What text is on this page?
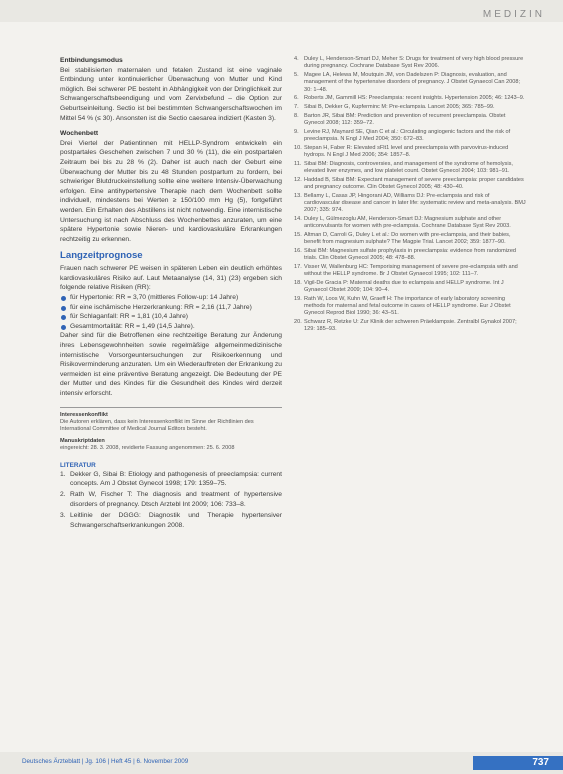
MEDIZIN

Entbindungsmodus

Bei stabilisierten maternalen und fetalen Zustand ist eine vaginale Entbindung unter kontinuierlicher Überwachung von Mutter und Kind möglich. Bei schwerer PE besteht in Abhängigkeit von der Dringlichkeit zur Schwangerschaftsbeendigung und vom Zervixbefund – die Option zur Geburtseinleitung. Sectio ist bei bestimmten Schwangerschaftswochen im Mittel 54 % (≤ 30). Ansonsten ist die Sectio caesarea indiziert (Kasten 3).

Wochenbett

Drei Viertel der Patientinnen mit HELLP-Syndrom entwickeln ein postpartales Geschehen zwischen 7 und 30 % (11), die ein postpartalen Zeitraum bei bis zu 28 % (2). Daher ist auch nach der Geburt eine Überwachung der Mutter bis zu 48 Stunden postpartum zu fordern, bei schwieriger Blutdruckeinstellung sollte eine weitere Intensiv-Überwachung erfolgen. Eine antihypertensive Therapie nach dem Wochenbett sollte individuell, mindestens bei Werten ≥ 150/100 mm Hg (5), fortgeführt werden. Ein Erhalten des Abstillens ist nicht notwendig. Eine internistische Untersuchung ist nach Abschluss des Wochenbettes anzuraten, um eine spätere Hypertonie sowie Nieren- und kardiovaskuläre Erkrankungen rechtzeitig zu erkennen.

Langzeitprognose

Frauen nach schwerer PE weisen in späteren Leben ein deutlich erhöhtes kardiovaskuläres Risiko auf. Laut Metaanalyse (14, 31) (23) ergeben sich folgende relative Risiken (RR):

für Hypertonie: RR = 3,70 (mittleres Follow-up: 14 Jahre)
für eine ischämische Herzerkrankung: RR = 2,16 (11,7 Jahre)
für Schlaganfall: RR = 1,81 (10,4 Jahre)
Gesamtmortalität: RR = 1,49 (14,5 Jahre).

Daher sind für die Betroffenen eine rechtzeitige Beratung zur Änderung ihres Lebensgewohnheiten sowie regelmäßige allgemeinmedizinische internistische Vorsorgeuntersuchungen zur Risikoerkennung und Risikoverminderung anzuraten. Um ein Wiederauftreten der Erkrankung zu vermeiden ist eine präventive Beratung angezeigt. Die Bedeutung der PE der Mutter und des Kindes für die Gesundheit des Kindes wird derzeit intensiv erforscht.

Interessenkonflikt

Die Autoren erklären, dass kein Interessenkonflikt im Sinne der Richtlinien des International Committee of Medical Journal Editors besteht.

Manuskriptdaten

eingereicht: 28. 3. 2008, revidierte Fassung angenommen: 25. 6. 2008

LITERATUR
1. Dekker G, Sibai B: Etiology and pathogenesis of preeclampsia: current concepts. Am J Obstet Gynecol 1998; 179: 1359–75.
2. Rath W, Fischer T: The diagnosis and treatment of hypertensive disorders of pregnancy. Dtsch Arztebl Int 2009; 106: 733–8.
3. Leitlinie der DGGG: Diagnostik und Therapie hypertensiver Schwangerschaftserkrankungen 2008.
4. Duley L, Henderson-Smart DJ, Meher S: Drugs for treatment of very high blood pressure during pregnancy. Cochrane Database Syst Rev 2006.
5. Magee LA, Helewa M, Moutquin JM, von Dadelszen P: Diagnosis, evaluation, and management of the hypertensive disorders of pregnancy. J Obstet Gynaecol Can 2008; 30: 1–48.
6. Roberts JM, Gammill HS: Preeclampsia: recent insights. Hypertension 2005; 46: 1243–9.
7. Sibai B, Dekker G, Kupferminc M: Pre-eclampsia. Lancet 2005; 365: 785–99.
8. Barton JR, Sibai BM: Prediction and prevention of recurrent preeclampsia. Obstet Gynecol 2008; 112: 359–72.
9. Levine RJ, Maynard SE, Qian C et al.: Circulating angiogenic factors and the risk of preeclampsia. N Engl J Med 2004; 350: 672–83.
10. Stepan H, Faber R: Elevated sFlt1 level and preeclampsia with parvovirus-induced hydrops. N Engl J Med 2006; 354: 1857–8.
11. Sibai BM: Diagnosis, controversies, and management of the syndrome of hemolysis, elevated liver enzymes, and low platelet count. Obstet Gynecol 2004; 103: 981–91.
12. Haddad B, Sibai BM: Expectant management of severe preeclampsia: proper candidates and pregnancy outcome. Clin Obstet Gynecol 2005; 48: 430–40.
13. Bellamy L, Casas JP, Hingorani AD, Williams DJ: Pre-eclampsia and risk of cardiovascular disease and cancer in later life: systematic review and meta-analysis. BMJ 2007; 335: 974.
14. Duley L, Gülmezoglu AM, Henderson-Smart DJ: Magnesium sulphate and other anticonvulsants for women with pre-eclampsia. Cochrane Database Syst Rev 2003.
15. Altman D, Carroli G, Duley L et al.: Do women with pre-eclampsia, and their babies, benefit from magnesium sulphate? The Magpie Trial. Lancet 2002; 359: 1877–90.
16. Sibai BM: Magnesium sulfate prophylaxis in preeclampsia: evidence from randomized trials. Clin Obstet Gynecol 2005; 48: 478–88.
17. Visser W, Wallenburg HC: Temporising management of severe pre-eclampsia with and without the HELLP syndrome. Br J Obstet Gynaecol 1995; 102: 111–7.
18. Vigil-De Gracia P: Maternal deaths due to eclampsia and HELLP syndrome. Int J Gynaecol Obstet 2009; 104: 90–4.
19. Rath W, Loos W, Kuhn W, Graeff H: The importance of early laboratory screening methods for maternal and fetal outcome in cases of HELLP syndrome. Eur J Obstet Gynecol Reprod Biol 1990; 36: 43–51.
20. Schwarz R, Retzke U: Zur Klinik der schweren Präeklampsie. Zentralbl Gynakol 2007; 129: 185–93.
Deutsches Ärzteblatt | Jg. 106 | Heft 45 | 6. November 2009	737
